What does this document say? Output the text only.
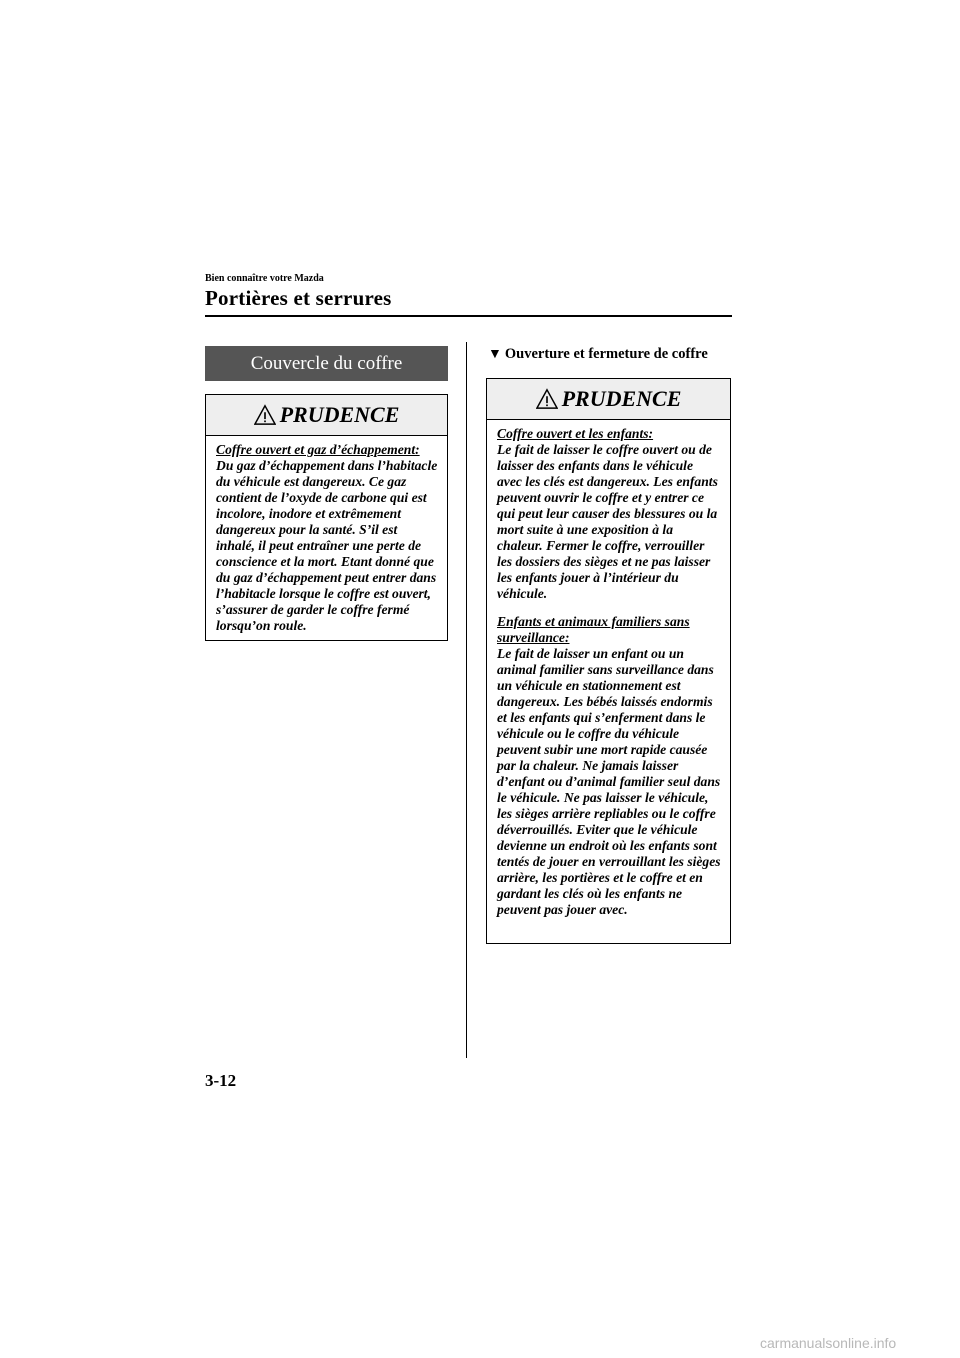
Bien connaître votre Mazda
Portières et serrures
Couvercle du coffre
PRUDENCE
Coffre ouvert et gaz d’échappement:
Du gaz d’échappement dans l’habitacle du véhicule est dangereux. Ce gaz contient de l’oxyde de carbone qui est incolore, inodore et extrêmement dangereux pour la santé. S’il est inhalé, il peut entraîner une perte de conscience et la mort. Etant donné que du gaz d’échappement peut entrer dans l’habitacle lorsque le coffre est ouvert, s’assurer de garder le coffre fermé lorsqu’on roule.
▼ Ouverture et fermeture de coffre
PRUDENCE
Coffre ouvert et les enfants:
Le fait de laisser le coffre ouvert ou de laisser des enfants dans le véhicule avec les clés est dangereux. Les enfants peuvent ouvrir le coffre et y entrer ce qui peut leur causer des blessures ou la mort suite à une exposition à la chaleur. Fermer le coffre, verrouiller les dossiers des sièges et ne pas laisser les enfants jouer à l’intérieur du véhicule.
Enfants et animaux familiers sans surveillance:
Le fait de laisser un enfant ou un animal familier sans surveillance dans un véhicule en stationnement est dangereux. Les bébés laissés endormis et les enfants qui s’enferment dans le véhicule ou le coffre du véhicule peuvent subir une mort rapide causée par la chaleur. Ne jamais laisser d’enfant ou d’animal familier seul dans le véhicule. Ne pas laisser le véhicule, les sièges arrière repliables ou le coffre déverrouillés. Eviter que le véhicule devienne un endroit où les enfants sont tentés de jouer en verrouillant les sièges arrière, les portières et le coffre et en gardant les clés où les enfants ne peuvent pas jouer avec.
3-12
carmanualsonline.info
